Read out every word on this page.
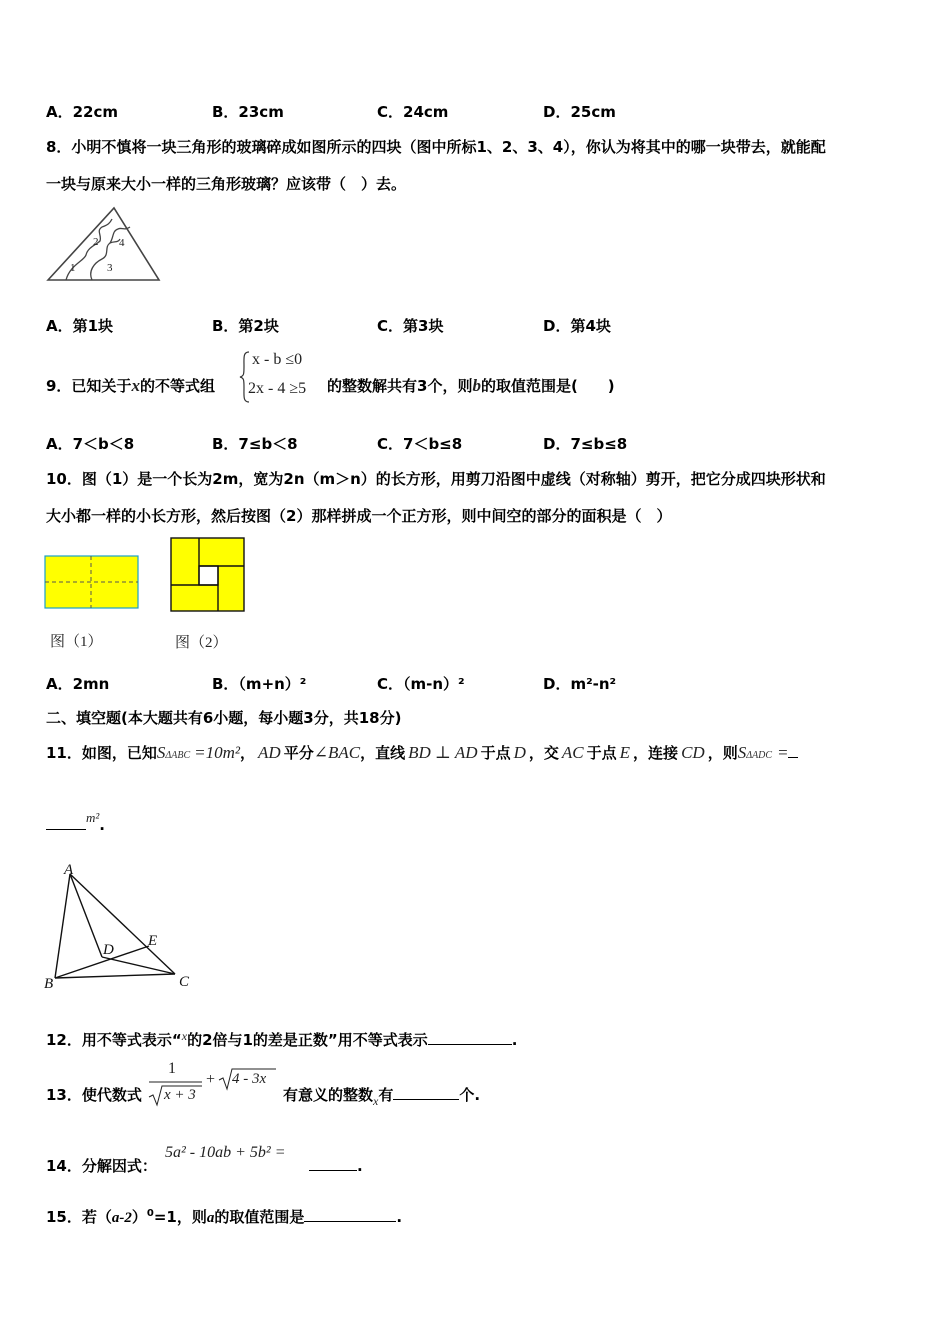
A．22cm	B．23cm	C．24cm	D．25cm
8．小明不慎将一块三角形的玻璃碎成如图所示的四块（图中所标1、2、3、4），你认为将其中的哪一块带去，就能配
一块与原来大小一样的三角形玻璃？应该带（　）去。
1
2
3
4
A．第1块	B．第2块	C．第3块	D．第4块
9．已知关于x的不等式组
x - b ≤0
2x - 4 ≥5 的整数解共有3个，则b的取值范围是(　　)
A．7＜b＜8	B．7≤b＜8	C．7＜b≤8	D．7≤b≤8
10．图（1）是一个长为2m，宽为2n（m＞n）的长方形，用剪刀沿图中虚线（对称轴）剪开，把它分成四块形状和
大小都一样的小长方形，然后按图（2）那样拼成一个正方形，则中间空的部分的面积是（　）
图（1）	图（2）
A．2mn	B．（m+n）²	C．（m-n）²	D．m²-n²
二、填空题(本大题共有6小题，每小题3分，共18分)
11．如图，已知SΔABC =10m²， AD 平分∠BAC，直线 BD ⊥ AD 于点 D ，交 AC 于点 E ，连接 CD ，则SΔADC =
$^{m^2}$.
A
B	C
D
E
12．用不等式表示“$^x$的2倍与1的差是正数”用不等式表示	.
13．使代数式
1
x + 3
+ 4 - 3x
有意义的整数$_x$有	个.
14．分解因式：
5a² - 10ab + 5b² =
.
15．若$(a-2)^0=1$，则a的取值范围是	.
